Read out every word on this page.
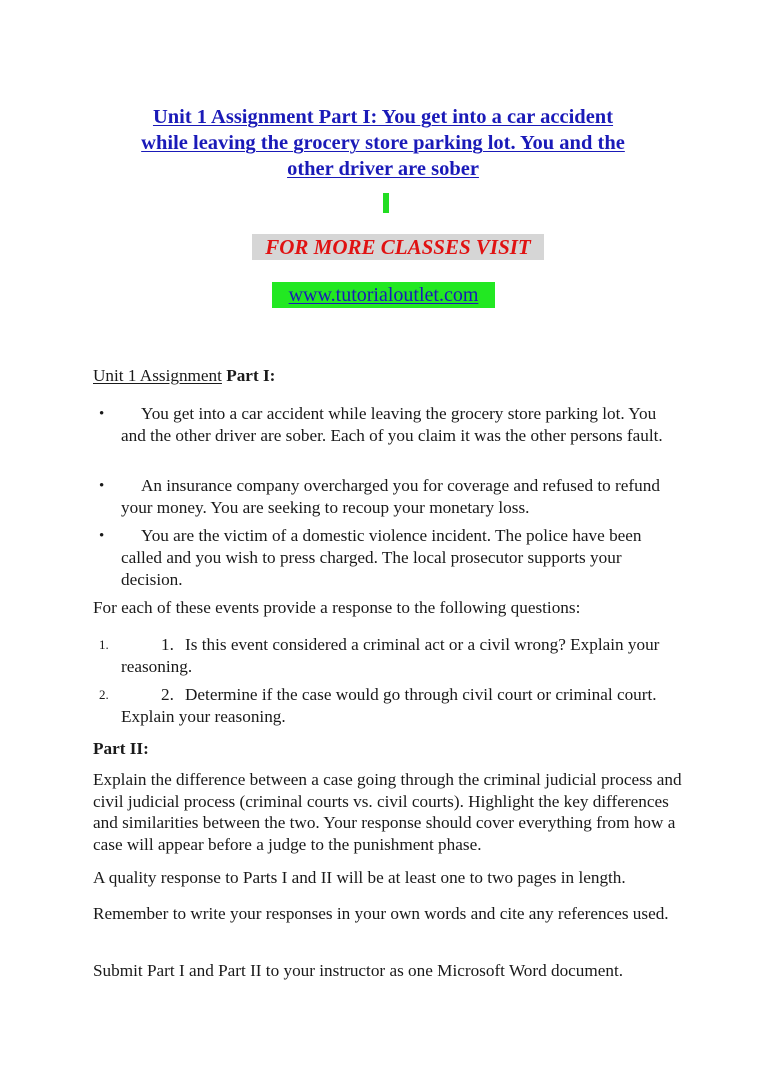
Unit 1 Assignment Part I: You get into a car accident
while leaving the grocery store parking lot. You and the
other driver are sober
FOR MORE CLASSES VISIT
www.tutorialoutlet.com
Unit 1 Assignment Part I:
•	You get into a car accident while leaving the grocery store parking lot. You and the other driver are sober. Each of you claim it was the other persons fault.
•	An insurance company overcharged you for coverage and refused to refund your money. You are seeking to recoup your monetary loss.
•	You are the victim of a domestic violence incident. The police have been called and you wish to press charged. The local prosecutor supports your decision.
For each of these events provide a response to the following questions:
1.	1. Is this event considered a criminal act or a civil wrong? Explain your reasoning.
2.	2. Determine if the case would go through civil court or criminal court. Explain your reasoning.
Part II:
Explain the difference between a case going through the criminal judicial process and civil judicial process (criminal courts vs. civil courts). Highlight the key differences and similarities between the two. Your response should cover everything from how a case will appear before a judge to the punishment phase.
A quality response to Parts I and II will be at least one to two pages in length.
Remember to write your responses in your own words and cite any references used.
Submit Part I and Part II to your instructor as one Microsoft Word document.
